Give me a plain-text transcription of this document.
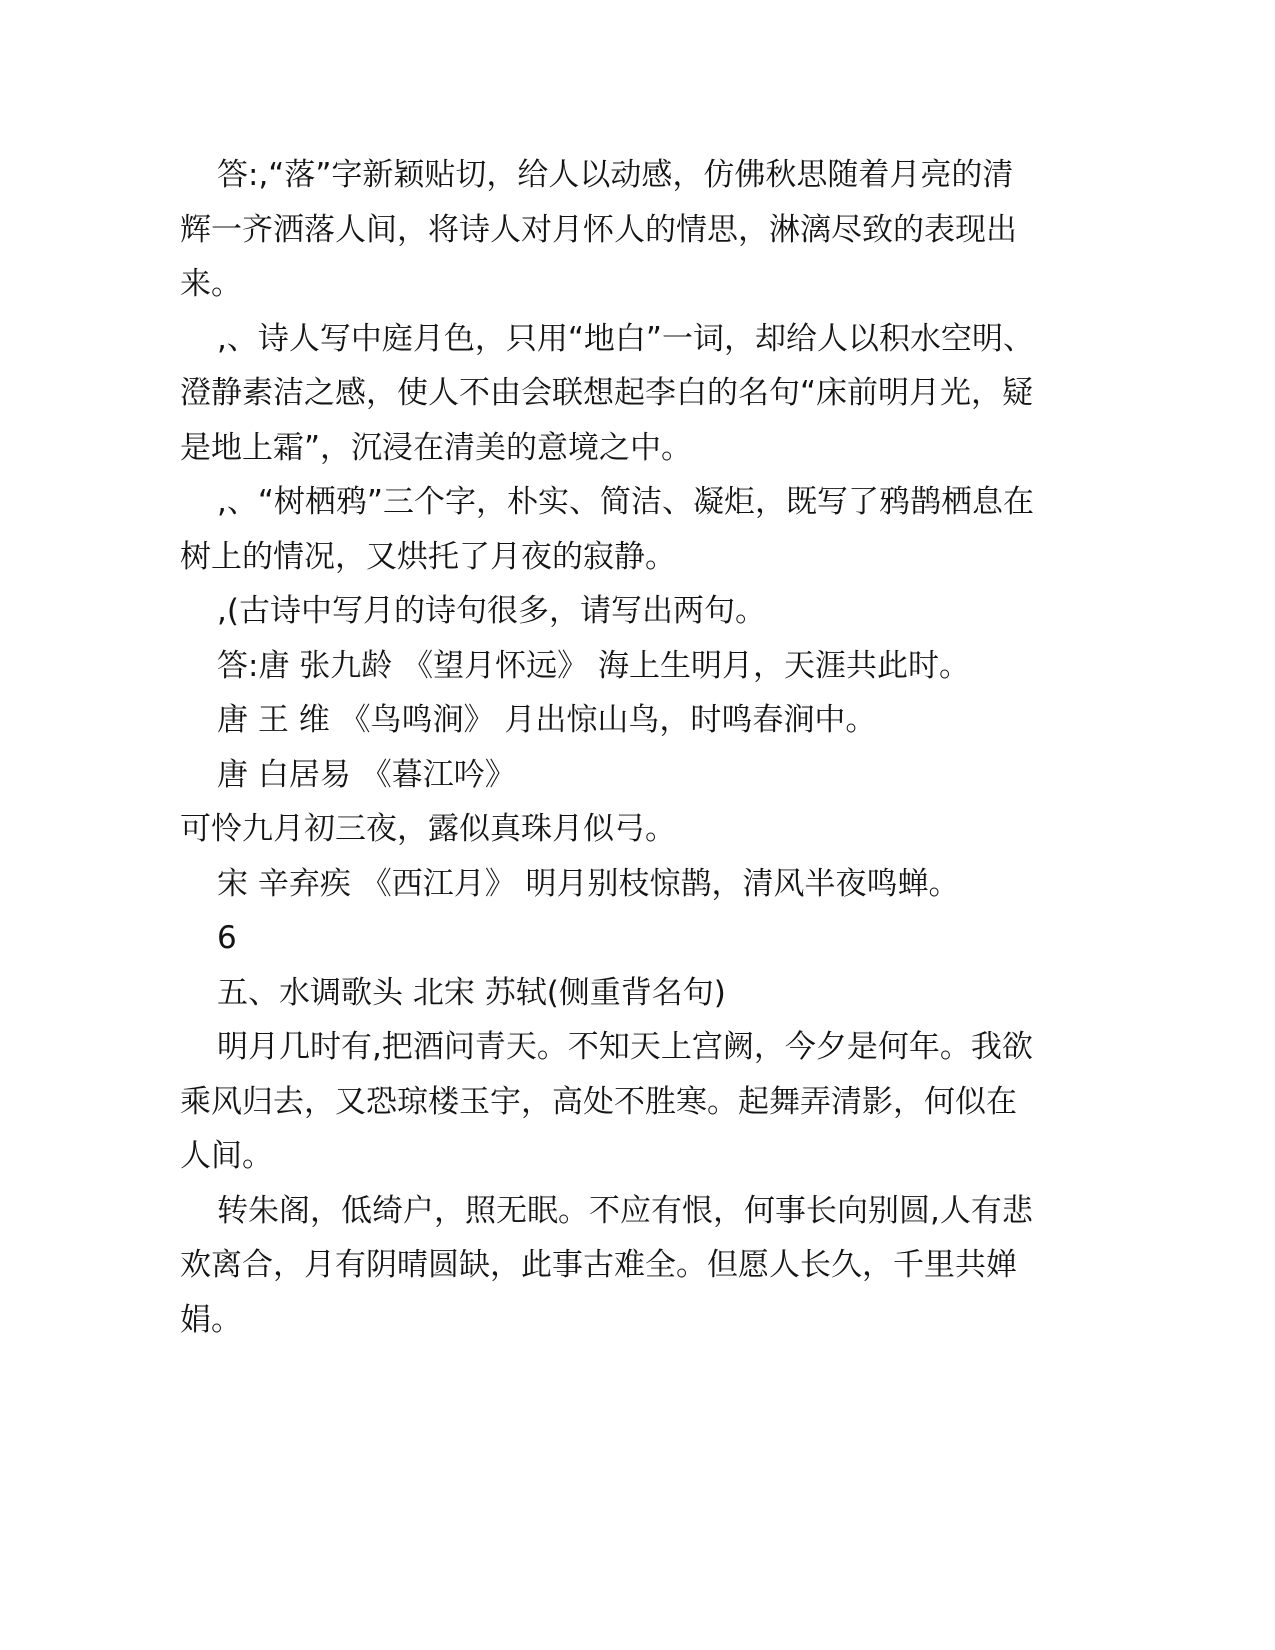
答:,“落”字新颖贴切，给人以动感，仿佛秋思随着月亮的清辉一齐洒落人间，将诗人对月怀人的情思，淋漓尽致的表现出来。

,、诗人写中庭月色，只用“地白”一词，却给人以积水空明、澄静素洁之感，使人不由会联想起李白的名句“床前明月光，疑是地上霜”，沉浸在清美的意境之中。

,、“树栖鸦”三个字，朴实、简洁、凝炬，既写了鸦鹊栖息在树上的情况，又烘托了月夜的寂静。

,(古诗中写月的诗句很多，请写出两句。

答:唐 张九龄 《望月怀远》 海上生明月，天涯共此时。

唐 王 维 《鸟鸣涧》 月出惊山鸟，时鸣春涧中。

唐 白居易 《暮江吟》

可怜九月初三夜，露似真珠月似弓。

宋 辛弃疾 《西江月》 明月别枝惊鹊，清风半夜鸣蝉。

6

五、水调歌头 北宋 苏轼(侧重背名句)

明月几时有,把酒问青天。不知天上宫阙，今夕是何年。我欲乘风归去，又恐琼楼玉宇，高处不胜寒。起舞弄清影，何似在人间。

转朱阁，低绮户，照无眠。不应有恨，何事长向别圆,人有悲欢离合，月有阴晴圆缺，此事古难全。但愿人长久，千里共婵娟。
